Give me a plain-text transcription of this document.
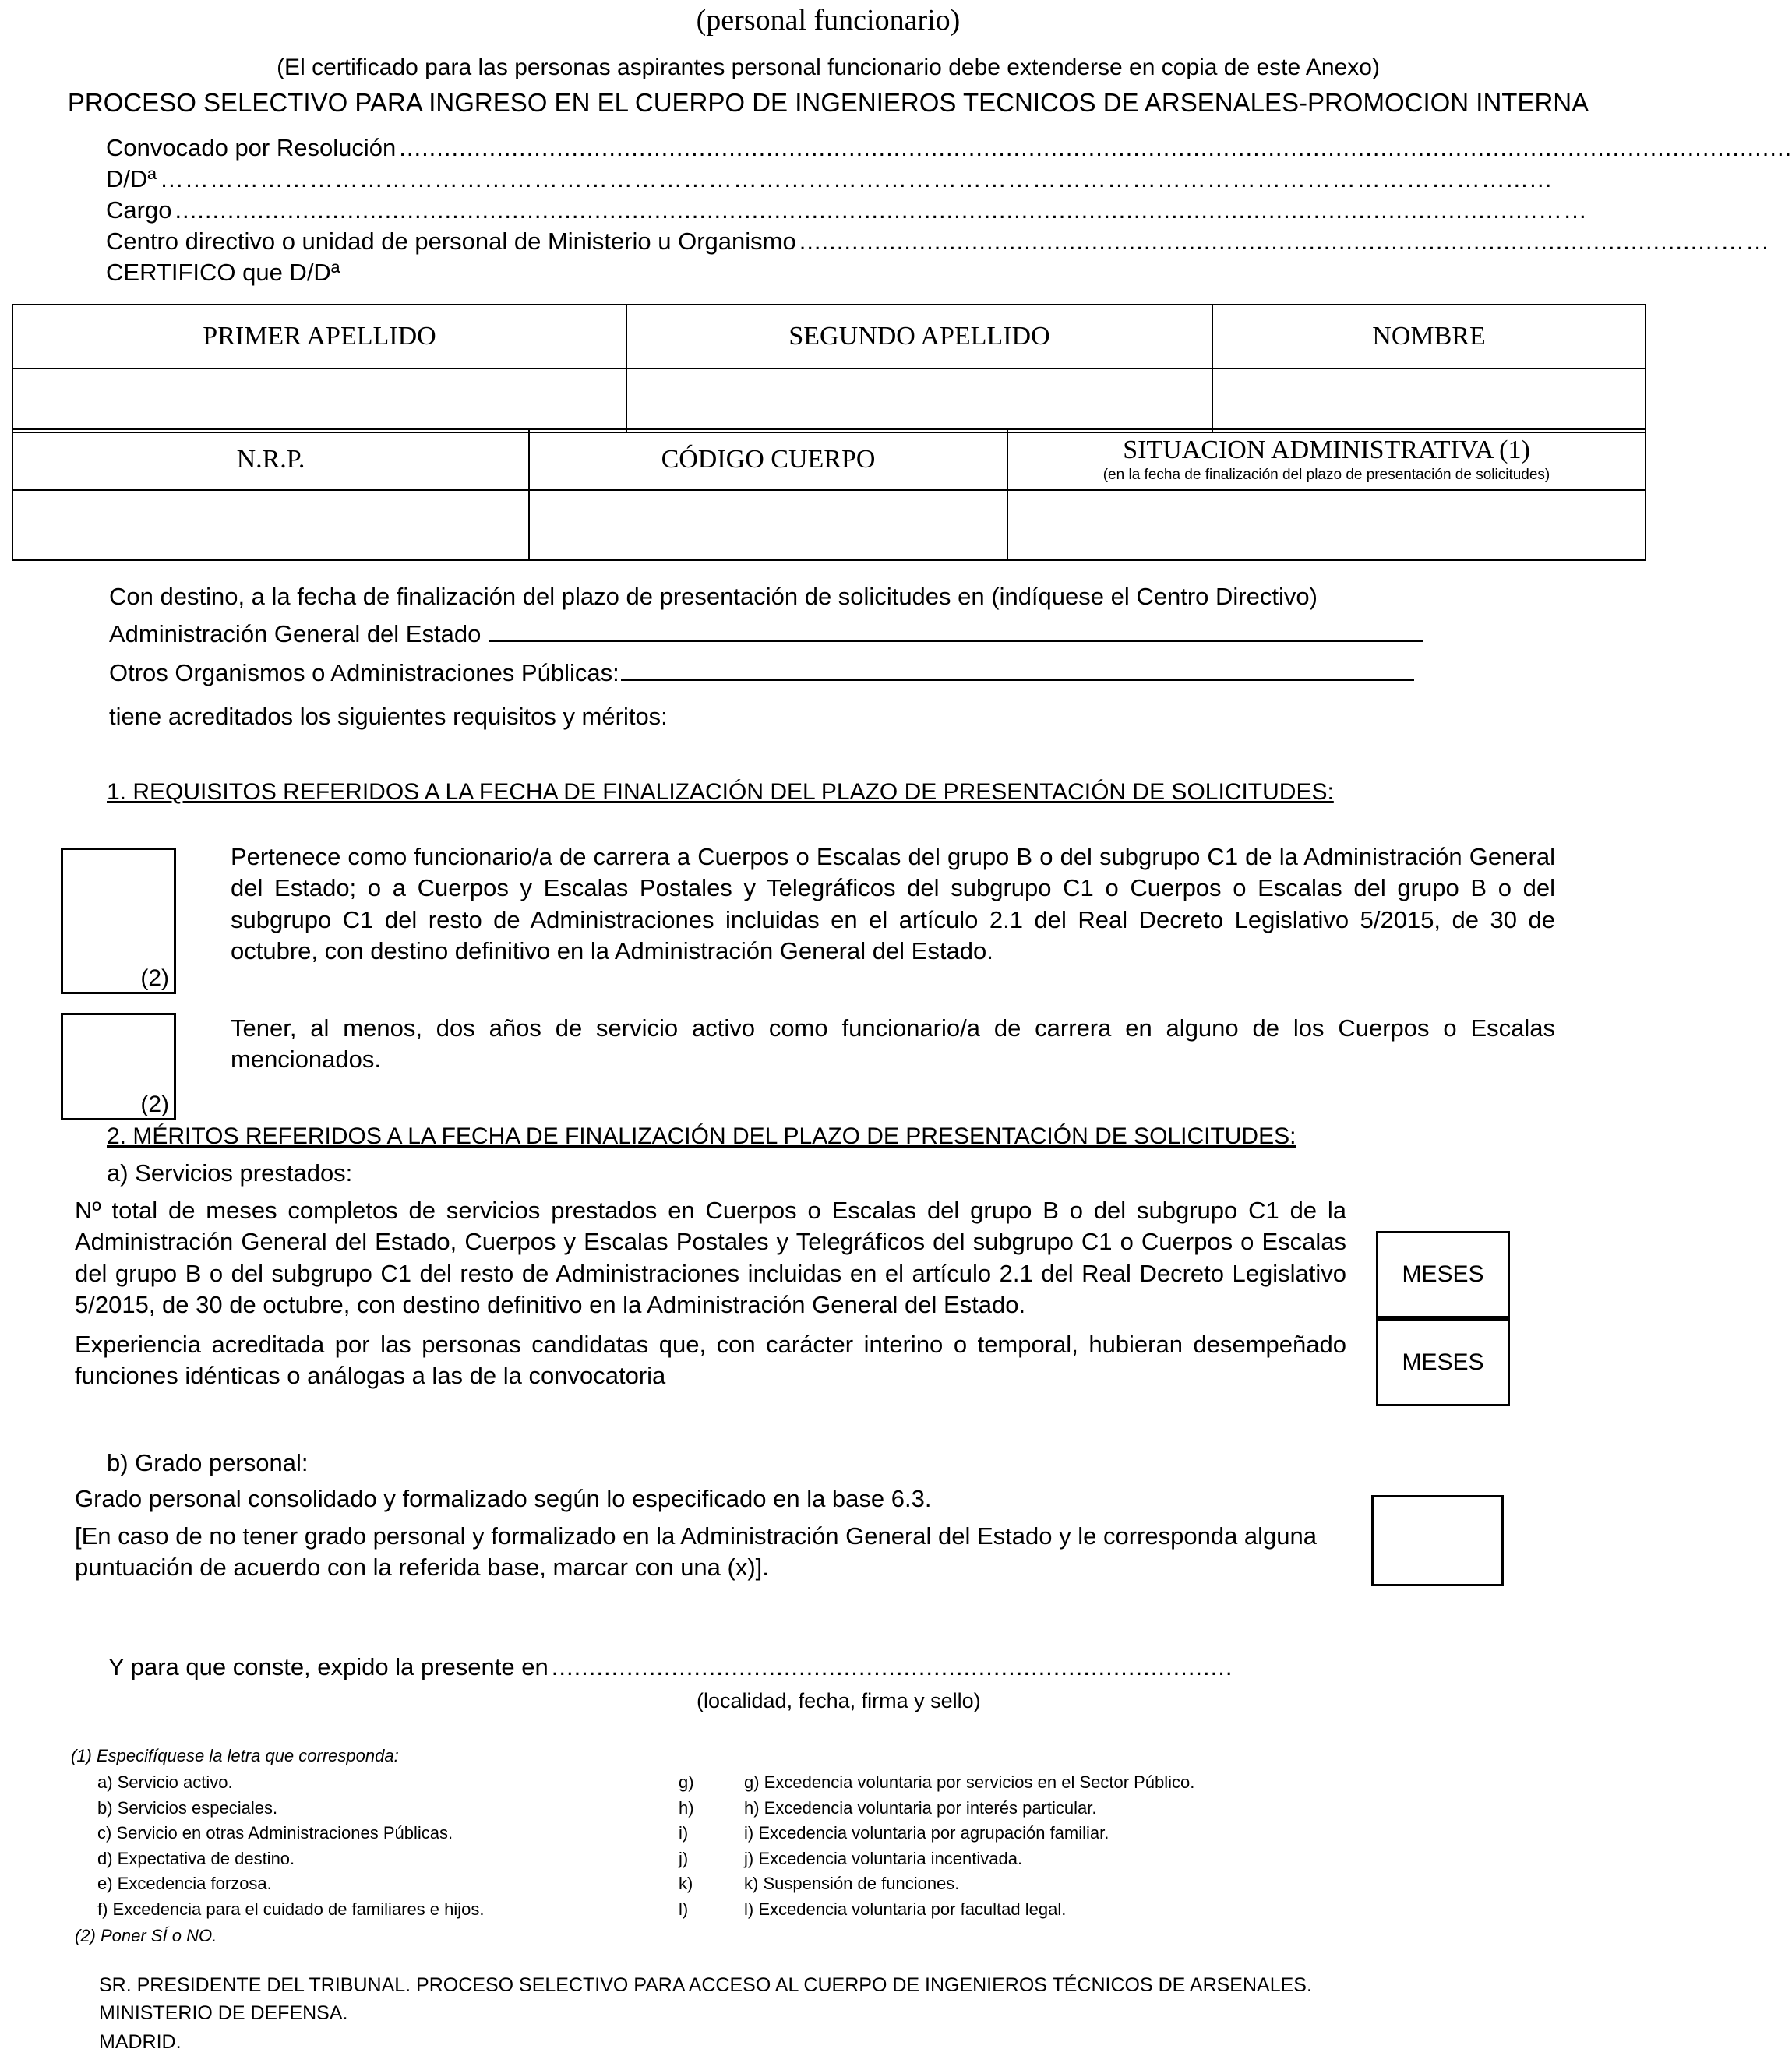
(personal funcionario)
(El certificado para las personas aspirantes personal funcionario debe extenderse en copia de este Anexo)
PROCESO SELECTIVO PARA INGRESO EN EL CUERPO DE INGENIEROS TECNICOS DE ARSENALES-PROMOCION INTERNA
Convocado por Resolución ..........................................................................................................................................................................................
D/Dª ………………………………………………………………………………………………………………………………………………...…
Cargo ......................................................................................................................................................................................……
Centro directivo o unidad de personal de Ministerio u Organismo ...........................................................................................................................……
CERTIFICO que D/Dª
PRIMER APELLIDO	SEGUNDO APELLIDO	NOMBRE

N.R.P.	CÓDIGO CUERPO	SITUACION ADMINISTRATIVA (1)
(en la fecha de finalización del plazo de presentación de solicitudes)

Con destino, a la fecha de finalización del plazo de presentación de solicitudes en (indíquese el Centro Directivo)
Administración General del Estado
Otros Organismos o Administraciones Públicas:
tiene acreditados los siguientes requisitos y méritos:
1. REQUISITOS REFERIDOS A LA FECHA DE FINALIZACIÓN DEL PLAZO DE PRESENTACIÓN DE SOLICITUDES:
(2)
Pertenece como funcionario/a de carrera a Cuerpos o Escalas del grupo B o del subgrupo C1 de la Administración General del Estado; o a Cuerpos y Escalas Postales y Telegráficos del subgrupo C1 o Cuerpos o Escalas del grupo B o del subgrupo C1 del resto de Administraciones incluidas en el artículo 2.1 del Real Decreto Legislativo 5/2015, de 30 de octubre, con destino definitivo en la Administración General del Estado.
(2)
Tener, al menos, dos años de servicio activo como funcionario/a de carrera en alguno de los Cuerpos o Escalas mencionados.
2. MÉRITOS REFERIDOS A LA FECHA DE FINALIZACIÓN DEL PLAZO DE PRESENTACIÓN DE SOLICITUDES:
a) Servicios prestados:
Nº total de meses completos de servicios prestados en Cuerpos o Escalas del grupo B o del subgrupo C1 de la Administración General del Estado, Cuerpos y Escalas Postales y Telegráficos del subgrupo C1 o Cuerpos o Escalas del grupo B o del subgrupo C1 del resto de Administraciones incluidas en el artículo 2.1 del Real Decreto Legislativo 5/2015, de 30 de octubre, con destino definitivo en la Administración General del Estado.
MESES
Experiencia acreditada por las personas candidatas que, con carácter interino o temporal, hubieran desempeñado funciones idénticas o análogas a las de la convocatoria
MESES
b) Grado personal:
Grado personal consolidado y formalizado según lo especificado en la base 6.3.
[En caso de no tener grado personal y formalizado en la Administración General del Estado y le corresponda alguna puntuación de acuerdo con la referida base, marcar con una (x)].
Y para que conste, expido la presente en ...........................................................................................
(localidad, fecha, firma y sello)
(1) Especifíquese la letra que corresponda:
a) Servicio activo.
b) Servicios especiales.
c) Servicio en otras Administraciones Públicas.
d) Expectativa de destino.
e) Excedencia forzosa.
f) Excedencia para el cuidado de familiares e hijos.
g)
h)
i)
j)
k)
l)
g) Excedencia voluntaria por servicios en el Sector Público.
h) Excedencia voluntaria por interés particular.
i) Excedencia voluntaria por agrupación familiar.
j) Excedencia voluntaria incentivada.
k) Suspensión de funciones.
l) Excedencia voluntaria por facultad legal.
(2) Poner SÍ o NO.
SR. PRESIDENTE DEL TRIBUNAL. PROCESO SELECTIVO PARA ACCESO AL CUERPO DE INGENIEROS TÉCNICOS DE ARSENALES.
MINISTERIO DE DEFENSA.
MADRID.
